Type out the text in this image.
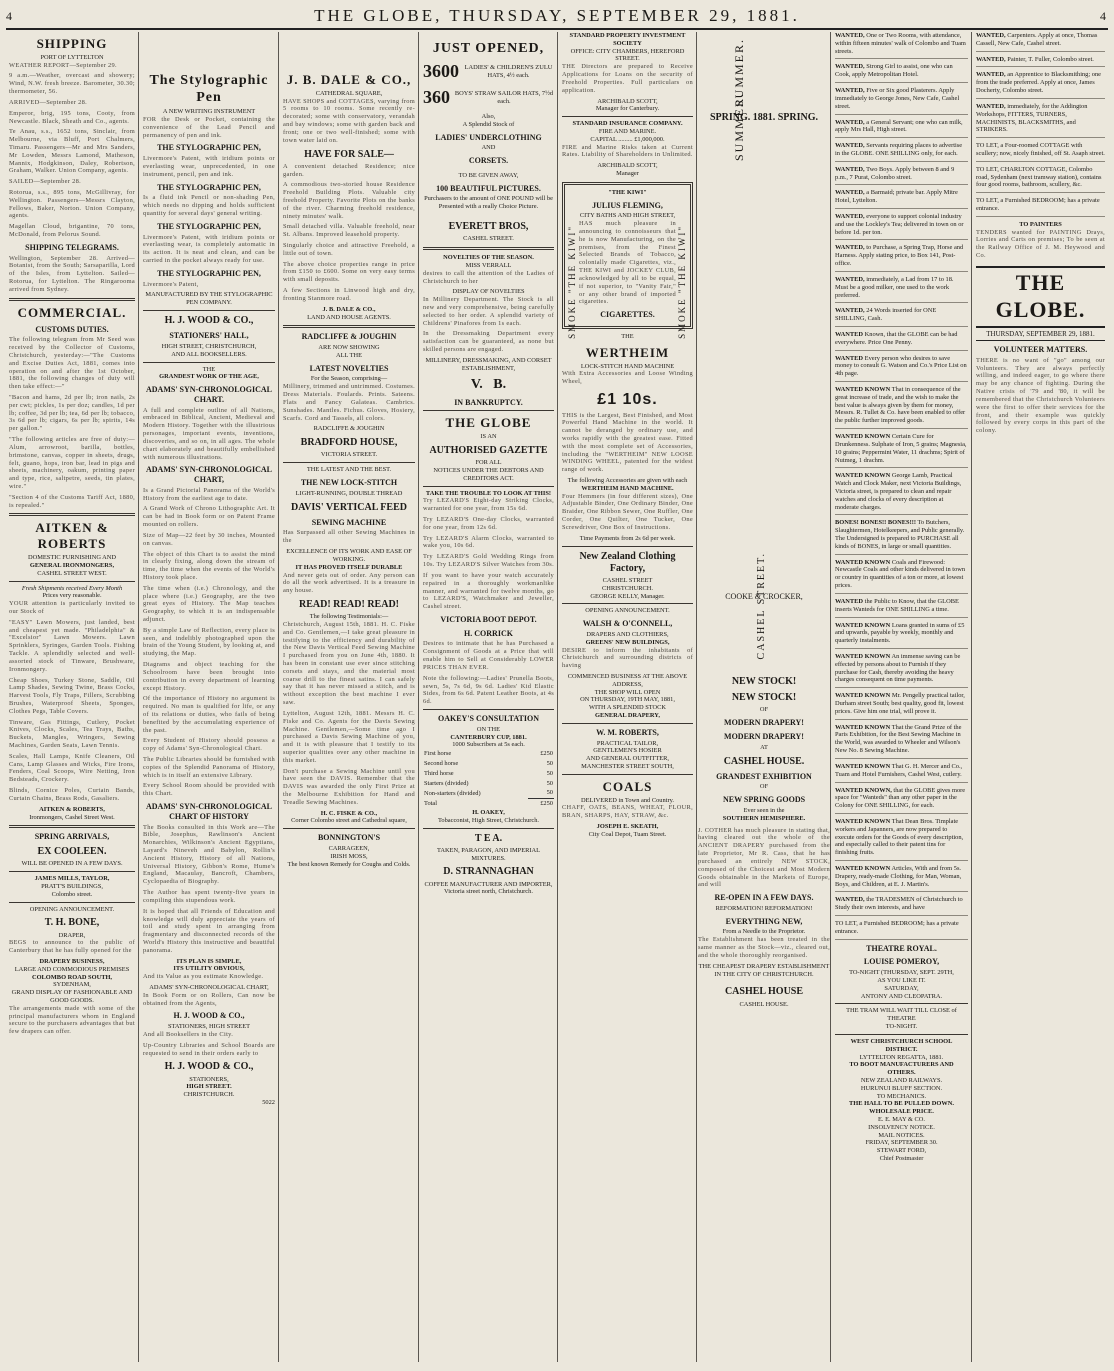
4	THE GLOBE, THURSDAY, SEPTEMBER 29, 1881.	4
SHIPPING
PORT OF LYTTELTON
WEATHER REPORT—September 29.
9 a.m.—Weather, overcast and showery; Wind, N.W. fresh breeze. Barometer, 30.30; thermometer, 56.
ARRIVED—September 28.
Emperor, brig, 195 tons, Cooty, from Newcastle. Black, Sheath and Co., agents.
Te Anau, s.s., 1652 tons, Sinclair, from Melbourne, via Bluff, Port Chalmers, Timaru. Passengers—Mr and Mrs Sanders, Mr Lowden, Messrs Lamond, Matheson, Mannix, Hodgkinson, Daley, Robertson, Graham, Walker. Union Company, agents.
SAILED—September 28.
Rotorua, s.s., 895 tons, McGillivray, for Wellington. Passengers—Messrs Clayton, Fellows, Baker, Norton. Union Company, agents.
Magellan Cloud, brigantine, 70 tons, McDonald, from Pelorus Sound.
SHIPPING TELEGRAMS.
Wellington, September 28. Arrived—Botanist, from the South; Sarsaparilla, Lord of the Isles, from Lyttelton. Sailed—Rotorua, for Lyttelton. The Ringarooma arrived from Sydney.
COMMERCIAL.
CUSTOMS DUTIES.
The following telegram from Mr Seed was received by the Collector of Customs, Christchurch, yesterday:—"The Customs and Excise Duties Act, 1881, comes into operation on and after the 1st October, 1881, the following changes of duty will then take effect:—"
"Bacon and hams, 2d per lb; iron nails, 2s per cwt; pickles, 1s per doz; candles, 1d per lb; coffee, 3d per lb; tea, 6d per lb; tobacco, 3s 6d per lb; cigars, 6s per lb; spirits, 14s per gallon."
"The following articles are free of duty:—Alum, arrowroot, barilla, bottles, brimstone, canvas, copper in sheets, drugs, felt, guano, hops, iron bar, lead in pigs and sheets, machinery, oakum, printing paper and type, rice, saltpetre, seeds, tin plates, wire."
"Section 4 of the Customs Tariff Act, 1880, is repealed."
AITKEN & ROBERTS
DOMESTIC FURNISHING AND
GENERAL IRONMONGERS,
CASHEL STREET WEST.
Fresh Shipments received Every Month
Prices very reasonable.
YOUR attention is particularly invited to our Stock of
"EASY" Lawn Mowers, just landed, best and cheapest yet made. "Philadelphia" & "Excelsior" Lawn Mowers. Lawn Sprinklers, Syringes, Garden Tools. Fishing Tackle. A splendidly selected and well-assorted stock of Tinware, Brushware, Ironmongery.
Cheap Shoes, Turkey Stone, Saddle, Oil Lamp Shades, Sewing Twine, Brass Cocks, Harvest Tools, Fly Traps, Fillers, Scrubbing Brushes, Waterproof Sheets, Sponges, Clothes Pegs, Table Covers.
Tinware, Gas Fittings, Cutlery, Pocket Knives, Clocks, Scales, Tea Trays, Baths, Buckets, Mangles, Wringers, Sewing Machines, Garden Seats, Lawn Tennis.
Scales, Hall Lamps, Knife Cleaners, Oil Cans, Lamp Glasses and Wicks, Fire Irons, Fenders, Coal Scoops, Wire Netting, Iron Bedsteads, Crockery.
Blinds, Cornice Poles, Curtain Bands, Curtain Chains, Brass Rods, Gasaliers.
AITKEN & ROBERTS,
Ironmongers, Cashel Street West.
SPRING ARRIVALS,
EX COOLEEN.
WILL BE OPENED IN A FEW DAYS.
JAMES MILLS, TAYLOR,
PRATT'S BUILDINGS,
Colombo street.
OPENING ANNOUNCEMENT.
T. H. BONE,
DRAPER,
BEGS to announce to the public of Canterbury that he has fully opened for the
DRAPERY BUSINESS,
LARGE AND COMMODIOUS PREMISES
COLOMBO ROAD SOUTH,
SYDENHAM,
GRAND DISPLAY OF FASHIONABLE AND GOOD GOODS.
The arrangements made with some of the principal manufacturers whom in England secure to the purchasers advantages that but few drapers can offer.
The Stylographic Pen
A NEW WRITING INSTRUMENT
FOR the Desk or Pocket, containing the convenience of the Lead Pencil and permanency of pen and ink.
THE STYLOGRAPHIC PEN,
Livermore's Patent, with iridium points or everlasting wear, unprecedented, in one instrument, pencil, pen and ink.
THE STYLOGRAPHIC PEN,
Is a fluid ink Pencil or non-shading Pen, which needs no dipping and holds sufficient quantity for several days' general writing.
THE STYLOGRAPHIC PEN,
Livermore's Patent, with iridium points or everlasting wear, is completely automatic in its action. It is neat and clean, and can be carried in the pocket always ready for use.
THE STYLOGRAPHIC PEN,
Livermore's Patent,
MANUFACTURED BY THE STYLOGRAPHIC PEN COMPANY.
H. J. WOOD & CO.,
STATIONERS' HALL,
HIGH STREET, CHRISTCHURCH,
AND ALL BOOKSELLERS.
THE
GRANDEST WORK OF THE AGE,
ADAMS' SYN-CHRONOLOGICAL CHART.
A full and complete outline of all Nations, embraced in Biblical, Ancient, Medieval and Modern History. Together with the illustrious personages, important events, inventions, discoveries, and so on, in all ages. The whole chart elaborately and beautifully embellished with numerous illustrations.
ADAMS' SYN-CHRONOLOGICAL CHART,
Is a Grand Pictorial Panorama of the World's History from the earliest age to date.
A Grand Work of Chrono Lithographic Art. It can be had in Book form or on Patent Frame mounted on rollers.
Size of Map—22 feet by 30 inches, Mounted on canvas.
The object of this Chart is to assist the mind in clearly fixing, along down the stream of time, the time when the events of the World's History took place.
The time when (i.e.) Chronology, and the place where (i.e.) Geography, are the two great eyes of History. The Map teaches Geography, to which it is an indispensable adjunct.
By a simple Law of Reflection, every place is seen, and indelibly photographed upon the brain of the Young Student, by looking at, and studying, the Map.
Diagrams and object teaching for the Schoolroom have been brought into contribution in every department of learning except History.
Of the importance of History no argument is required. No man is qualified for life, or any of its relations or duties, who fails of being benefited by the accumulating experience of the past.
Every Student of History should possess a copy of Adams' Syn-Chronological Chart.
The Public Libraries should be furnished with copies of the Splendid Panorama of History, which is in itself an extensive Library.
Every School Room should be provided with this Chart.
ADAMS' SYN-CHRONOLOGICAL CHART OF HISTORY
The Books consulted in this Work are—The Bible, Josephus, Rawlinson's Ancient Monarchies, Wilkinson's Ancient Egyptians, Layard's Nineveh and Babylon, Rollin's Ancient History, History of all Nations, Universal History, Gibbon's Rome, Hume's England, Macaulay, Bancroft, Chambers, Cyclopaedia of Biography.
The Author has spent twenty-five years in compiling this stupendous work.
It is hoped that all Friends of Education and knowledge will duly appreciate the years of toil and study spent in arranging from fragmentary and disconnected records of the World's History this instructive and beautiful panorama.
ITS PLAN IS SIMPLE,
ITS UTILITY OBVIOUS,
And its Value as you estimate Knowledge.
ADAMS' SYN-CHRONOLOGICAL CHART,
In Book Form or on Rollers, Can now be obtained from the Agents,
H. J. WOOD & CO.,
STATIONERS, HIGH STREET
And all Booksellers in the City.
Up-Country Libraries and School Boards are requested to send in their orders early to
H. J. WOOD & CO.,
STATIONERS,
HIGH STREET.
CHRISTCHURCH.
5022
J. B. DALE & CO.,
CATHEDRAL SQUARE,
HAVE SHOPS and COTTAGES, varying from 5 rooms to 10 rooms. Some recently re-decorated; some with conservatory, verandah and bay windows; some with garden back and front; one or two well-finished; some with town water laid on.
HAVE FOR SALE—
A convenient detached Residence; nice garden.
A commodious two-storied house Residence Freehold Building Plots. Valuable city freehold Property. Favorite Plots on the banks of the river. Charming freehold residence, ninety minutes' walk.
Small detached villa. Valuable freehold, near St. Albans. Improved leasehold property.
Singularly choice and attractive Freehold, a little out of town.
The above choice properties range in price from £150 to £600. Some on very easy terms with small deposits.
A few Sections in Linwood high and dry, fronting Stanmore road.
J. B. DALE & CO.,
LAND AND HOUSE AGENTS.
RADCLIFFE & JOUGHIN
ARE NOW SHOWING
ALL THE
LATEST NOVELTIES
For the Season, comprising—
Millinery, trimmed and untrimmed. Costumes. Dress Materials. Foulards. Prints. Sateens. Flats and Fancy Galateas. Cambrics. Sunshades. Mantles. Fichus. Gloves, Hosiery, Scarfs. Cord and Tassels, all colors.
RADCLIFFE & JOUGHIN
BRADFORD HOUSE,
VICTORIA STREET.
THE LATEST AND THE BEST.
THE NEW LOCK-STITCH
LIGHT-RUNNING, DOUBLE THREAD
DAVIS' VERTICAL FEED
SEWING MACHINE
Has Surpassed all other Sewing Machines in the
EXCELLENCE OF ITS WORK AND EASE OF WORKING.
IT HAS PROVED ITSELF DURABLE
And never gets out of order. Any person can do all the work advertised. It is a treasure in any house.
READ! READ! READ!
The following Testimonials:—
Christchurch, August 15th, 1881. H. C. Fiske and Co. Gentlemen,—I take great pleasure in testifying to the efficiency and durability of the New Davis Vertical Feed Sewing Machine I purchased from you on June 4th, 1880. It has been in constant use ever since stitching corsets and stays, and the material most coarse drill to the finest satins. I can safely say that it has never missed a stitch, and is without exception the best machine I ever saw.
Lyttelton, August 12th, 1881. Messrs H. C. Fiske and Co. Agents for the Davis Sewing Machine. Gentlemen,—Some time ago I purchased a Davis Sewing Machine of you, and it is with pleasure that I testify to its superior qualities over any other machine in this market.
Don't purchase a Sewing Machine until you have seen the DAVIS. Remember that the DAVIS was awarded the only First Prize at the Melbourne Exhibition for Hand and Treadle Sewing Machines.
H. C. FISKE & CO.,
Corner Colombo street and Cathedral square,
BONNINGTON'S
CARRAGEEN,
IRISH MOSS,
The best known Remedy for Coughs and Colds.
JUST OPENED,
3600 LADIES' & CHILDREN'S ZULU HATS, 4½ each.
360 BOYS' STRAW SAILOR HATS, 7½d each.
Also,
A Splendid Stock of
LADIES' UNDERCLOTHING
AND
CORSETS.
TO BE GIVEN AWAY,
100 BEAUTIFUL PICTURES.
Purchasers to the amount of ONE POUND will be Presented with a really Choice Picture.
EVERETT BROS,
CASHEL STREET.
NOVELTIES OF THE SEASON.
MISS VERRALL
desires to call the attention of the Ladies of Christchurch to her
DISPLAY OF NOVELTIES
In Millinery Department. The Stock is all new and very comprehensive, being carefully selected to her order. A splendid variety of Childrens' Pinafores from 1s each.
In the Dressmaking Department every satisfaction can be guaranteed, as none but skilled persons are engaged.
MILLINERY, DRESSMAKING, AND CORSET ESTABLISHMENT,
V.   B.
IN BANKRUPTCY.
THE GLOBE
IS AN
AUTHORISED GAZETTE
FOR ALL
NOTICES UNDER THE DEBTORS AND CREDITORS ACT.
TAKE THE TROUBLE TO LOOK AT THIS!
Try LEZARD'S Eight-day Striking Clocks, warranted for one year, from 15s 6d.
Try LEZARD'S One-day Clocks, warranted for one year, from 12s 6d.
Try LEZARD'S Alarm Clocks, warranted to wake you, 10s 6d.
Try LEZARD'S Gold Wedding Rings from 10s. Try LEZARD'S Silver Watches from 30s.
If you want to have your watch accurately repaired in a thoroughly workmanlike manner, and warranted for twelve months, go to LEZARD'S, Watchmaker and Jeweller, Cashel street.
VICTORIA BOOT DEPOT.
H. CORRICK
Desires to intimate that he has Purchased a Consignment of Goods at a Price that will enable him to Sell at Considerably LOWER PRICES THAN EVER.
Note the following:—Ladies' Prunella Boots, sewn, 5s, 7s 6d, 9s 6d. Ladies' Kid Elastic Sides, from 6s 6d. Patent Leather Boots, at 4s 6d.
OAKEY'S CONSULTATION
ON THE
CANTERBURY CUP, 1881.
1000 Subscribers at 5s each.
First horse	£250
Second horse	50
Third horse	50
Starters (divided)	50
Non-starters (divided)	50
Total	£250
H. OAKEY,
Tobacconist, High Street, Christchurch.
T E A.
TAKEN, PARAGON, AND IMPERIAL
MIXTURES.
D. STRANNAGHAN
COFFEE MANUFACTURER AND IMPORTER,
Victoria street north, Christchurch.
STANDARD PROPERTY INVESTMENT SOCIETY
OFFICE: CITY CHAMBERS, HEREFORD STREET.
THE Directors are prepared to Receive Applications for Loans on the security of Freehold Properties. Full particulars on application.
ARCHIBALD SCOTT,
Manager for Canterbury.
STANDARD INSURANCE COMPANY.
FIRE AND MARINE.
CAPITAL ......... £1,000,000.
FIRE and Marine Risks taken at Current Rates. Liability of Shareholders in Unlimited.
ARCHIBALD SCOTT,
Manager
SMOKE "THE KIWI"	SMOKE "THE KIWI"
"THE KIWI"
JULIUS FLEMING,
CITY BATHS AND HIGH STREET,
HAS much pleasure in announcing to connoisseurs that he is now Manufacturing, on the premises, from the Finest Selected Brands of Tobacco, colonially made Cigarettes, viz., THE KIWI and JOCKEY CLUB, acknowledged by all to be equal, if not superior, to "Vanity Fair," or any other brand of imported cigarettes.
CIGARETTES.
THE
WERTHEIM
LOCK-STITCH HAND MACHINE
With Extra Accessories and Loose Winding Wheel,
£1 10s.
THIS is the Largest, Best Finished, and Most Powerful Hand Machine in the world. It cannot be deranged by ordinary use, and works rapidly with the greatest ease. Fitted with the most complete set of Accessories, including the "WERTHEIM" NEW LOOSE WINDING WHEEL, patented for the widest range of work.
The following Accessories are given with each
WERTHEIM HAND MACHINE.
Four Hemmers (in four different sizes), One Adjustable Binder, One Ordinary Binder, One Braider, One Ribbon Sewer, One Ruffler, One Corder, One Quilter, One Tucker, One Screwdriver, One Box of Instructions.
Time Payments from 2s 6d per week.
New Zealand Clothing Factory,
CASHEL STREET
CHRISTCHURCH.
GEORGE KELLY, Manager.
OPENING ANNOUNCEMENT.
WALSH & O'CONNELL,
DRAPERS AND CLOTHIERS,
GREENS' NEW BUILDINGS,
DESIRE to inform the inhabitants of Christchurch and surrounding districts of having
COMMENCED BUSINESS AT THE ABOVE ADDRESS,
THE SHOP WILL OPEN
ON THURSDAY, 19TH MAY, 1881,
WITH A SPLENDID STOCK
GENERAL DRAPERY,
W. M. ROBERTS,
PRACTICAL TAILOR,
GENTLEMEN'S HOSIER
AND GENERAL OUTFITTER,
MANCHESTER STREET SOUTH,
COALS
DELIVERED in Town and Country.
CHAFF, OATS, BEANS, WHEAT, FLOUR, BRAN, SHARPS, HAY, STRAW, &c.
JOSEPH E. SKEATH,
City Coal Depot, Tuam Street.
SUMMER.
SUMMER.
SPRING. 1881. SPRING.
CASHEL STREET.
COOKE & CROCKER,
NEW STOCK!
NEW STOCK!
OF
MODERN DRAPERY!
MODERN DRAPERY!
AT
CASHEL HOUSE.
GRANDEST EXHIBITION
OF
NEW SPRING GOODS
Ever seen in the
SOUTHERN HEMISPHERE.
J. COTHER has much pleasure in stating that, having cleared out the whole of the ANCIENT DRAPERY purchased from the late Proprietor, Mr R. Cass, that he has purchased an entirely NEW STOCK, composed of the Choicest and Most Modern Goods obtainable in the Markets of Europe, and will
RE-OPEN IN A FEW DAYS.
REFORMATION! REFORMATION!
EVERYTHING NEW,
From a Needle to the Proprietor.
The Establishment has been treated in the same manner as the Stock—viz., cleared out, and the whole thoroughly reorganised.
THE CHEAPEST DRAPERY ESTABLISHMENT IN THE CITY OF CHRISTCHURCH.
CASHEL HOUSE
CASHEL HOUSE.
WANTED, One or Two Rooms, with attendance, within fifteen minutes' walk of Colombo and Tuam streets.
WANTED, Strong Girl to assist, one who can Cook, apply Metropolitan Hotel.
WANTED, Five or Six good Plasterers. Apply immediately to George Jones, New Cafe, Cashel street.
WANTED, a General Servant; one who can milk, apply Mrs Hall, High street.
WANTED, Servants requiring places to advertise in the GLOBE. ONE SHILLING only, for each.
WANTED, Two Boys. Apply between 8 and 9 p.m., 7 Purat, Colombo street.
WANTED, a Barmaid; private bar. Apply Mitre Hotel, Lyttelton.
WANTED, everyone to support colonial industry and use the Lockley's Tea; delivered in town on or before 1d. per ton.
WANTED, to Purchase, a Spring Trap, Horse and Harness. Apply stating price, to Box 141, Post-office.
WANTED, immediately, a Lad from 17 to 18. Must be a good milker, one used to the work preferred.
WANTED, 24 Words inserted for ONE SHILLING, Cash.
WANTED Known, that the GLOBE can be had everywhere. Price One Penny.
WANTED Every person who desires to save money to consult G. Watson and Co.'s Price List on 4th page.
WANTED KNOWN That in consequence of the great increase of trade, and the wish to make the best value is always given by them for money, Messrs. R. Tullet & Co. have been enabled to offer the public further improved goods.
WANTED KNOWN Certain Cure for Drunkenness. Sulphate of Iron, 5 grains; Magnesia, 10 grains; Peppermint Water, 11 drachms; Spirit of Nutmeg, 1 drachm.
WANTED KNOWN George Lamb, Practical Watch and Clock Maker, next Victoria Buildings, Victoria street, is prepared to clean and repair watches and clocks of every description at moderate charges.
BONES! BONES!! BONES!!! To Butchers, Slaughtermen, Hotelkeepers, and Public generally. The Undersigned is prepared to PURCHASE all kinds of BONES, in large or small quantities.
WANTED KNOWN Coals and Firewood: Newcastle Coals and other kinds delivered in town or country in quantities of a ton or more, at lowest prices.
WANTED the Public to Know, that the GLOBE inserts Wanteds for ONE SHILLING a time.
WANTED KNOWN Loans granted in sums of £5 and upwards, payable by weekly, monthly and quarterly instalments.
WANTED KNOWN An immense saving can be effected by persons about to Furnish if they purchase for Cash, thereby avoiding the heavy charges consequent on time payments.
WANTED KNOWN Mr. Pengelly practical tailor, Durham street South; best quality, good fit, lowest prices. Give him one trial, will prove it.
WANTED KNOWN That the Grand Prize of the Paris Exhibition, for the Best Sewing Machine in the World, was awarded to Wheeler and Wilson's New No. 8 Sewing Machine.
WANTED KNOWN That G. H. Mercer and Co., Tuam and Hotel Furnishers, Cashel West, cutlery.
WANTED KNOWN, that the GLOBE gives more space for "Wanteds" than any other paper in the Colony for ONE SHILLING, for each.
WANTED KNOWN That Dean Bros. Timplate workers and Japanners, are now prepared to execute orders for the Goods of every description, and especially called to their patent tins for finishing fruits.
WANTED KNOWN Articles, With and from 5s. Drapery, ready-made Clothing, for Man, Woman, Boys, and Children, at E. J. Martin's.
WANTED, the TRADESMEN of Christchurch to Study their own interests, and have
TO LET, a Furnished BEDROOM; has a private entrance.
THEATRE ROYAL.
LOUISE POMEROY,
TO-NIGHT (THURSDAY, SEPT. 29TH,
AS YOU LIKE IT.
SATURDAY,
ANTONY AND CLEOPATRA.
THE TRAM WILL WAIT TILL CLOSE of THEATRE
TO-NIGHT.
WEST CHRISTCHURCH SCHOOL DISTRICT.
LYTTELTON REGATTA, 1881.
TO BOOT MANUFACTURERS AND OTHERS.
NEW ZEALAND RAILWAYS.
HURUNUI BLUFF SECTION.
TO MECHANICS.
THE HALL TO BE PULLED DOWN.
WHOLESALE PRICE.
E. E. MAY & CO.
INSOLVENCY NOTICE.
MAIL NOTICES.
FRIDAY, SEPTEMBER 30.
STEWART FORD,
Chief Postmaster
WANTED, Carpenters. Apply at once, Thomas Cassell, New Cafe, Cashel street.
WANTED, Painter, T. Fuller, Colombo street.
WANTED, an Apprentice to Blacksmithing; one from the trade preferred. Apply at once, James Docherty, Colombo street.
WANTED, immediately, for the Addington Workshops, FITTERS, TURNERS, MACHINISTS, BLACKSMITHS, and STRIKERS.
TO LET, a Four-roomed COTTAGE with scullery; now, nicely finished, off St. Asaph street.
TO LET, CHARLTON COTTAGE, Colombo road, Sydenham (next tramway station), contains four good rooms, bathroom, scullery, &c.
TO LET, a Furnished BEDROOM; has a private entrance.
TO PAINTERS
TENDERS wanted for PAINTING Drays, Lorries and Carts on premises; To be seen at the Railway Office of J. M. Heywood and Co.
THE GLOBE.
THURSDAY, SEPTEMBER 29, 1881.
VOLUNTEER MATTERS.
THERE is no want of "go" among our Volunteers. They are always perfectly willing, and indeed eager, to go where there may be any chance of fighting. During the Native crisis of '79 and '80, it will be remembered that the Christchurch Volunteers were the first to offer their services for the front, and their example was quickly followed by every corps in this part of the colony.
